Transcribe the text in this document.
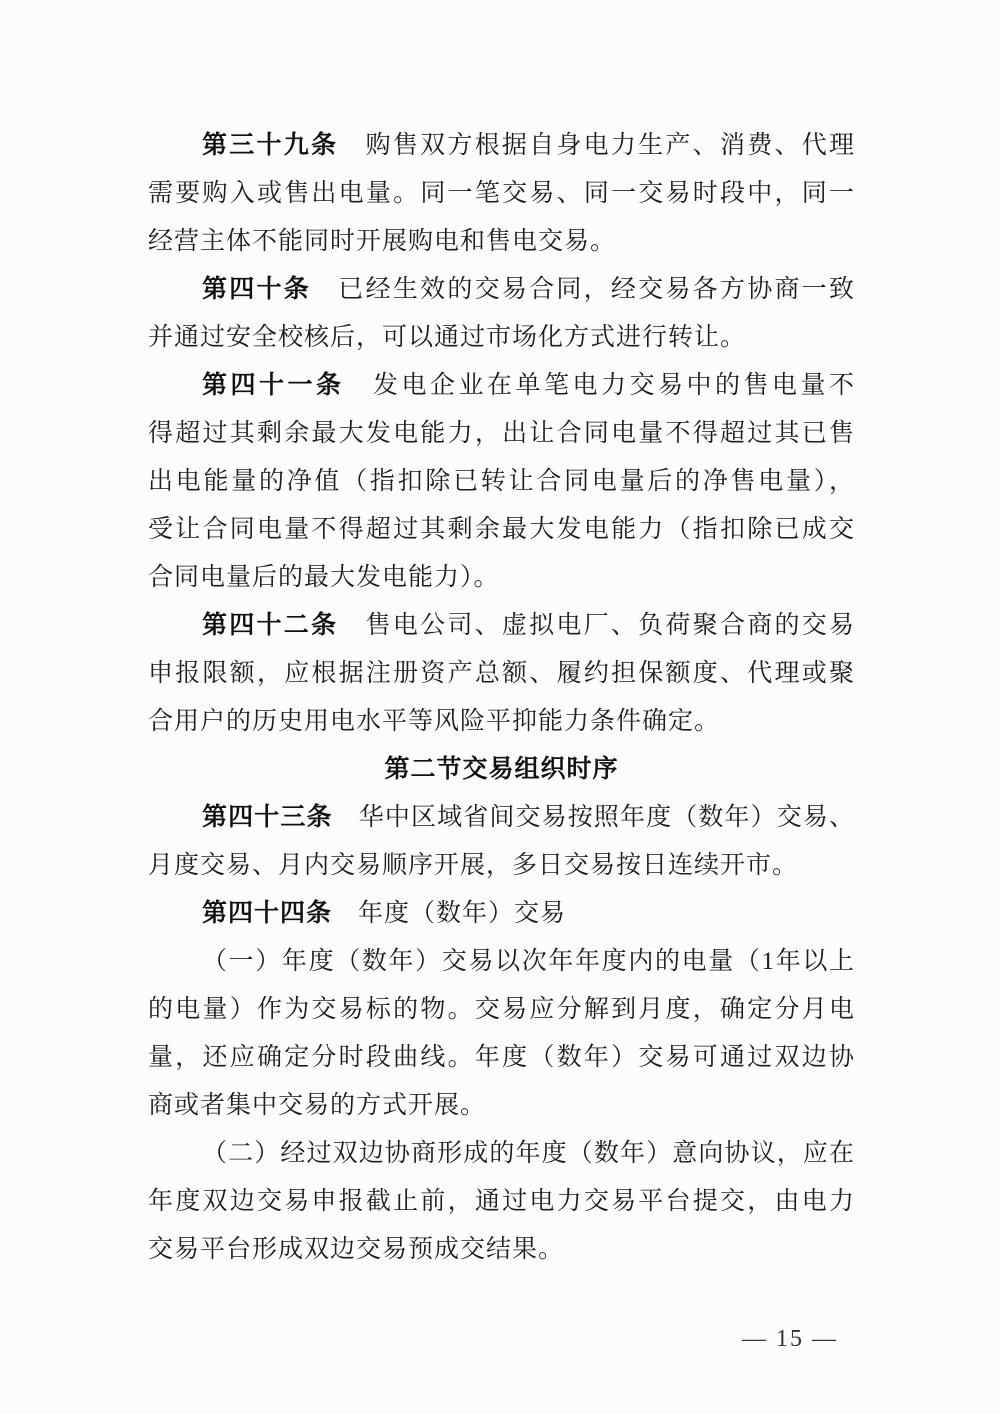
第三十九条　购售双方根据自身电力生产、消费、代理
需要购入或售出电量。同一笔交易、同一交易时段中，同一
经营主体不能同时开展购电和售电交易。
第四十条　已经生效的交易合同，经交易各方协商一致
并通过安全校核后，可以通过市场化方式进行转让。
第四十一条　发电企业在单笔电力交易中的售电量不
得超过其剩余最大发电能力，出让合同电量不得超过其已售
出电能量的净值（指扣除已转让合同电量后的净售电量），
受让合同电量不得超过其剩余最大发电能力（指扣除已成交
合同电量后的最大发电能力）。
第四十二条　售电公司、虚拟电厂、负荷聚合商的交易
申报限额，应根据注册资产总额、履约担保额度、代理或聚
合用户的历史用电水平等风险平抑能力条件确定。
第二节交易组织时序
第四十三条　华中区域省间交易按照年度（数年）交易、
月度交易、月内交易顺序开展，多日交易按日连续开市。
第四十四条　年度（数年）交易
（一）年度（数年）交易以次年年度内的电量（1年以上
的电量）作为交易标的物。交易应分解到月度，确定分月电
量，还应确定分时段曲线。年度（数年）交易可通过双边协
商或者集中交易的方式开展。
（二）经过双边协商形成的年度（数年）意向协议，应在
年度双边交易申报截止前，通过电力交易平台提交，由电力
交易平台形成双边交易预成交结果。
— 15 —
